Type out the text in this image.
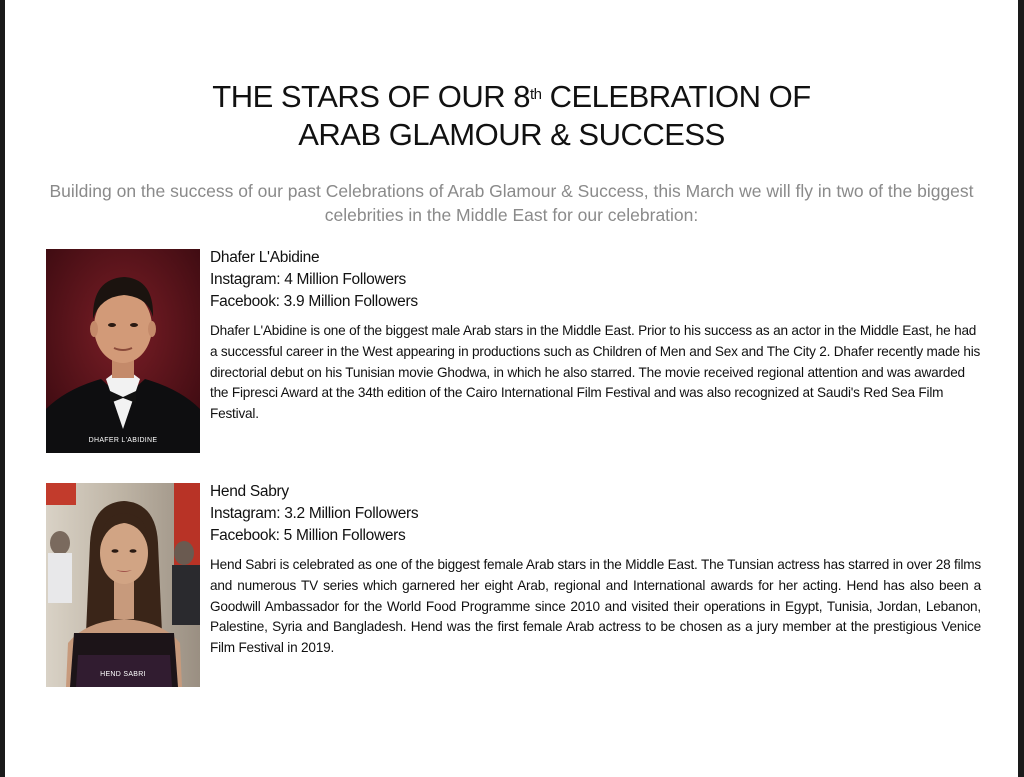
THE STARS OF OUR 8th CELEBRATION OF
ARAB GLAMOUR & SUCCESS
Building on the success of our past Celebrations of Arab Glamour & Success, this March we will fly in two of the biggest celebrities in the Middle East for our celebration:
DHAFER L'ABIDINE
Dhafer L'Abidine
Instagram: 4 Million Followers
Facebook: 3.9 Million Followers
Dhafer L'Abidine is one of the biggest male Arab stars in the Middle East. Prior to his success as an actor in the Middle East, he had a successful career in the West appearing in productions such as Children of Men and Sex and The City 2. Dhafer recently made his directorial debut on his Tunisian movie Ghodwa, in which he also starred. The movie received regional attention and was awarded the Fipresci Award at the 34th edition of the Cairo International Film Festival and was also recognized at Saudi's Red Sea Film Festival.
HEND SABRI
Hend Sabry
Instagram: 3.2 Million Followers
Facebook: 5 Million Followers
Hend Sabri is celebrated as one of the biggest female Arab stars in the Middle East. The Tunsian actress has starred in over 28 films and numerous TV series which garnered her eight Arab, regional and International awards for her acting. Hend has also been a Goodwill Ambassador for the World Food Programme since 2010 and visited their operations in Egypt, Tunisia, Jordan, Lebanon, Palestine, Syria and Bangladesh. Hend was the first female Arab actress to be chosen as a jury member at the prestigious Venice Film Festival in 2019.
